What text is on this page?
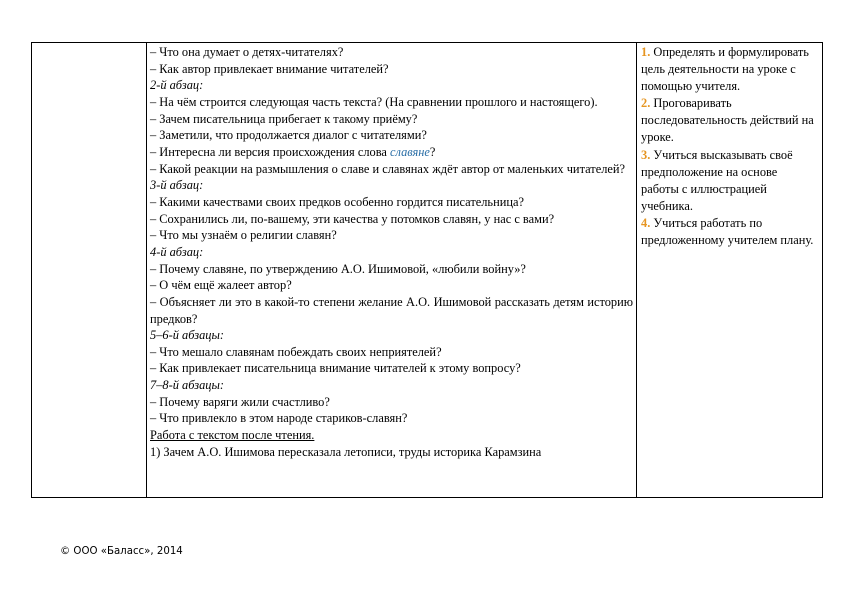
– Что она думает о детях-читателях?
– Как автор привлекает внимание читателей?
2-й абзац:
– На чём строится следующая часть текста? (На сравнении прошлого и настоящего).
– Зачем писательница прибегает к такому приёму?
– Заметили, что продолжается диалог с читателями?
– Интересна ли версия происхождения слова славяне?
– Какой реакции на размышления о славе и славянах ждёт автор от маленьких читателей?
3-й абзац:
– Какими качествами своих предков особенно гордится писательница?
– Сохранились ли, по-вашему, эти качества у потомков славян, у нас с вами?
– Что мы узнаём о религии славян?
4-й абзац:
– Почему славяне, по утверждению А.О. Ишимовой, «любили войну»?
– О чём ещё жалеет автор?
– Объясняет ли это в какой-то степени желание А.О. Ишимовой рассказать детям историю предков?
5–6-й абзацы:
– Что мешало славянам побеждать своих неприятелей?
– Как привлекает писательница внимание читателей к этому вопросу?
7–8-й абзацы:
– Почему варяги жили счастливо?
– Что привлекло в этом народе стариков-славян?
Работа с текстом после чтения.
1) Зачем А.О. Ишимова пересказала летописи, труды историка Карамзина

1. Определять и формулировать цель деятельности на уроке с помощью учителя.
2. Проговаривать последовательность действий на уроке.
3. Учиться высказывать своё предположение на основе работы с иллюстрацией учебника.
4. Учиться работать по предложенному учителем плану.
© ООО «Баласс», 2014
